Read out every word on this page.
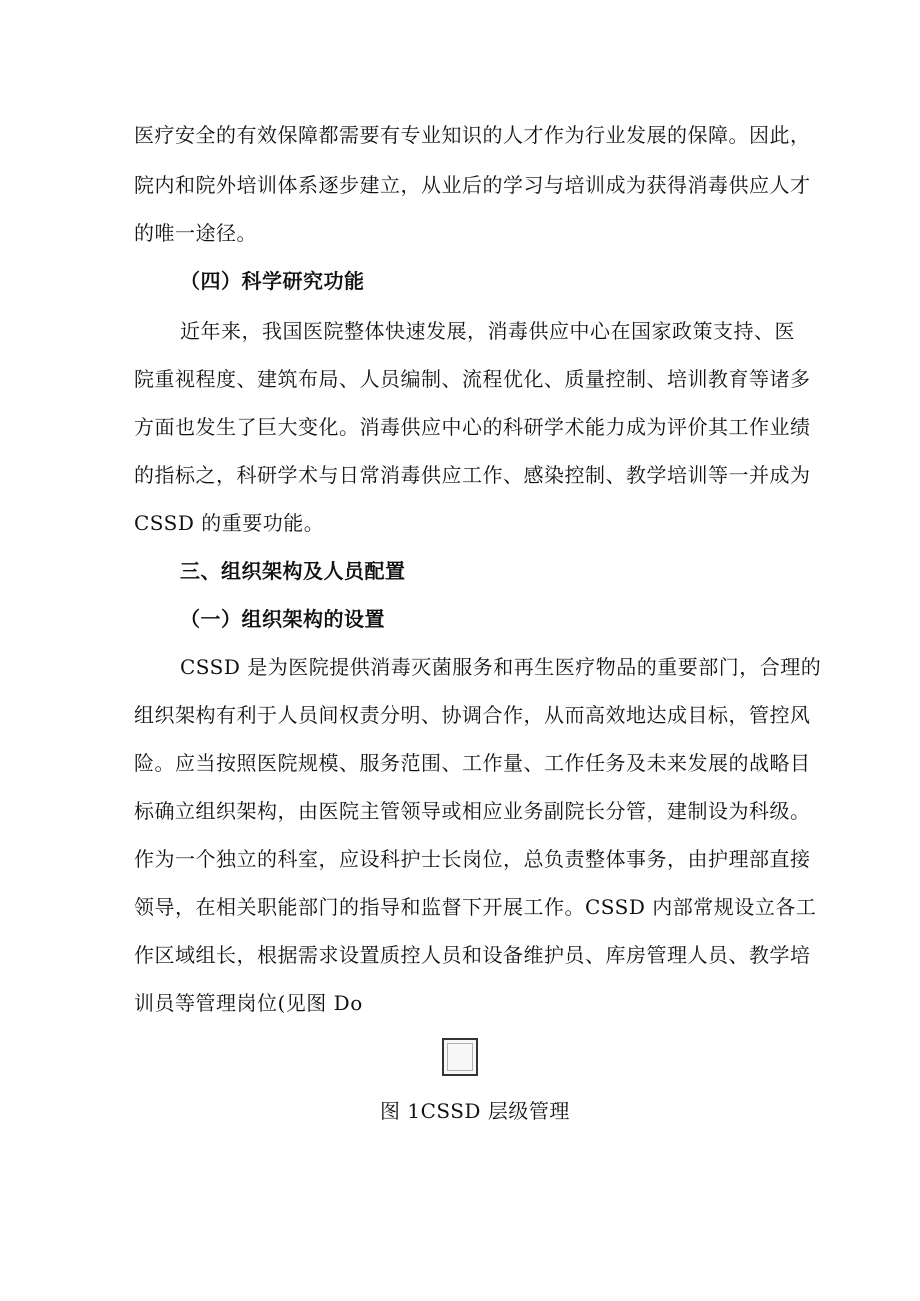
医疗安全的有效保障都需要有专业知识的人才作为行业发展的保障。因此，
院内和院外培训体系逐步建立，从业后的学习与培训成为获得消毒供应人才
的唯一途径。
（四）科学研究功能
近年来，我国医院整体快速发展，消毒供应中心在国家政策支持、医
院重视程度、建筑布局、人员编制、流程优化、质量控制、培训教育等诸多
方面也发生了巨大变化。消毒供应中心的科研学术能力成为评价其工作业绩
的指标之，科研学术与日常消毒供应工作、感染控制、教学培训等一并成为
CSSD 的重要功能。
三、组织架构及人员配置
（一）组织架构的设置
CSSD 是为医院提供消毒灭菌服务和再生医疗物品的重要部门，合理的
组织架构有利于人员间权责分明、协调合作，从而高效地达成目标，管控风
险。应当按照医院规模、服务范围、工作量、工作任务及未来发展的战略目
标确立组织架构，由医院主管领导或相应业务副院长分管，建制设为科级。
作为一个独立的科室，应设科护士长岗位，总负责整体事务，由护理部直接
领导，在相关职能部门的指导和监督下开展工作。CSSD 内部常规设立各工
作区域组长，根据需求设置质控人员和设备维护员、库房管理人员、教学培
训员等管理岗位(见图 Do
图 1CSSD 层级管理
